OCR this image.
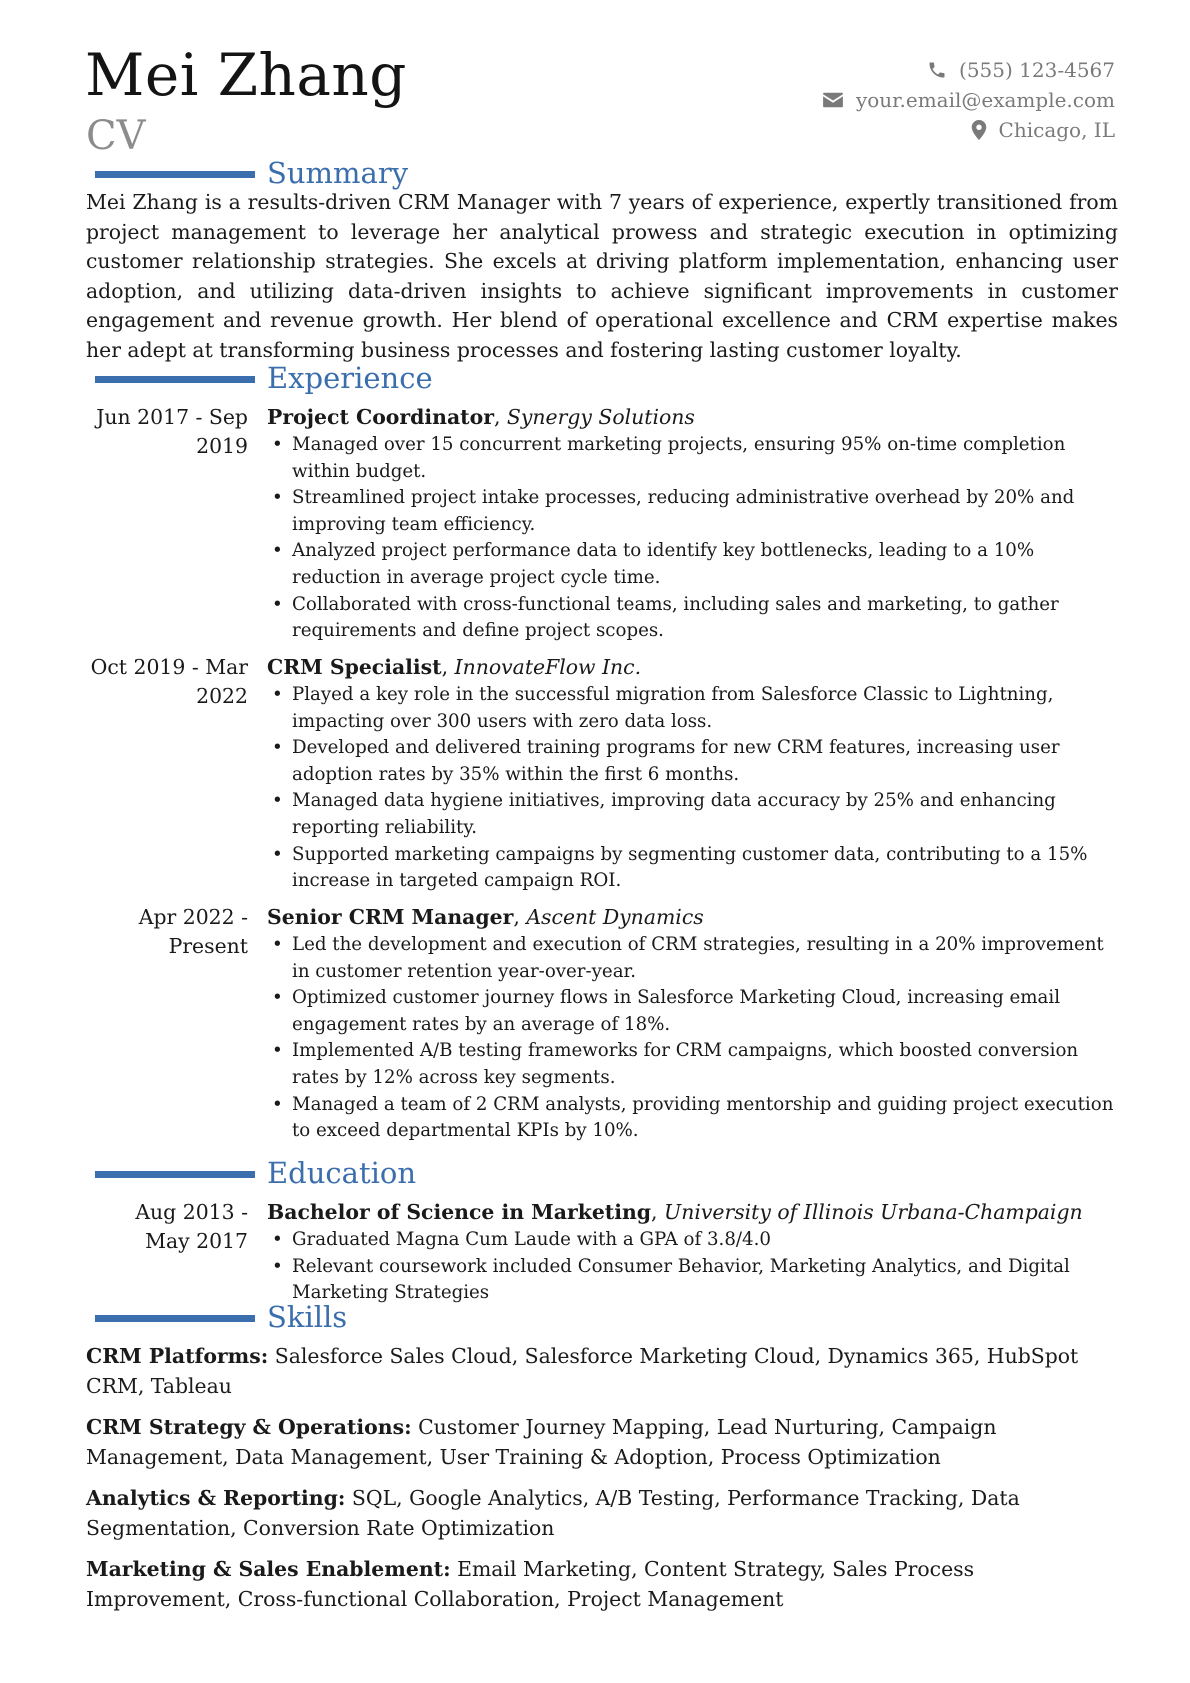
Mei Zhang
CV
(555) 123-4567
your.email@example.com
Chicago, IL
Summary

Mei Zhang is a results-driven CRM Manager with 7 years of experience, expertly transitioned from project management to leverage her analytical prowess and strategic execution in optimizing customer relationship strategies. She excels at driving platform implementation, enhancing user adoption, and utilizing data-driven insights to achieve significant improvements in customer engagement and revenue growth. Her blend of operational excellence and CRM expertise makes her adept at transforming business processes and fostering lasting customer loyalty.

Experience
Jun 2017 - Sep 2019
Project Coordinator, Synergy Solutions
• Managed over 15 concurrent marketing projects, ensuring 95% on-time completion within budget.
• Streamlined project intake processes, reducing administrative overhead by 20% and improving team efficiency.
• Analyzed project performance data to identify key bottlenecks, leading to a 10% reduction in average project cycle time.
• Collaborated with cross-functional teams, including sales and marketing, to gather requirements and define project scopes.
Oct 2019 - Mar 2022
CRM Specialist, InnovateFlow Inc.
• Played a key role in the successful migration from Salesforce Classic to Lightning, impacting over 300 users with zero data loss.
• Developed and delivered training programs for new CRM features, increasing user adoption rates by 35% within the first 6 months.
• Managed data hygiene initiatives, improving data accuracy by 25% and enhancing reporting reliability.
• Supported marketing campaigns by segmenting customer data, contributing to a 15% increase in targeted campaign ROI.
Apr 2022 - Present
Senior CRM Manager, Ascent Dynamics
• Led the development and execution of CRM strategies, resulting in a 20% improvement in customer retention year-over-year.
• Optimized customer journey flows in Salesforce Marketing Cloud, increasing email engagement rates by an average of 18%.
• Implemented A/B testing frameworks for CRM campaigns, which boosted conversion rates by 12% across key segments.
• Managed a team of 2 CRM analysts, providing mentorship and guiding project execution to exceed departmental KPIs by 10%.
Education
Aug 2013 - May 2017
Bachelor of Science in Marketing, University of Illinois Urbana-Champaign
• Graduated Magna Cum Laude with a GPA of 3.8/4.0
• Relevant coursework included Consumer Behavior, Marketing Analytics, and Digital Marketing Strategies
Skills

CRM Platforms: Salesforce Sales Cloud, Salesforce Marketing Cloud, Dynamics 365, HubSpot CRM, Tableau

CRM Strategy & Operations: Customer Journey Mapping, Lead Nurturing, Campaign Management, Data Management, User Training & Adoption, Process Optimization

Analytics & Reporting: SQL, Google Analytics, A/B Testing, Performance Tracking, Data Segmentation, Conversion Rate Optimization

Marketing & Sales Enablement: Email Marketing, Content Strategy, Sales Process Improvement, Cross-functional Collaboration, Project Management
